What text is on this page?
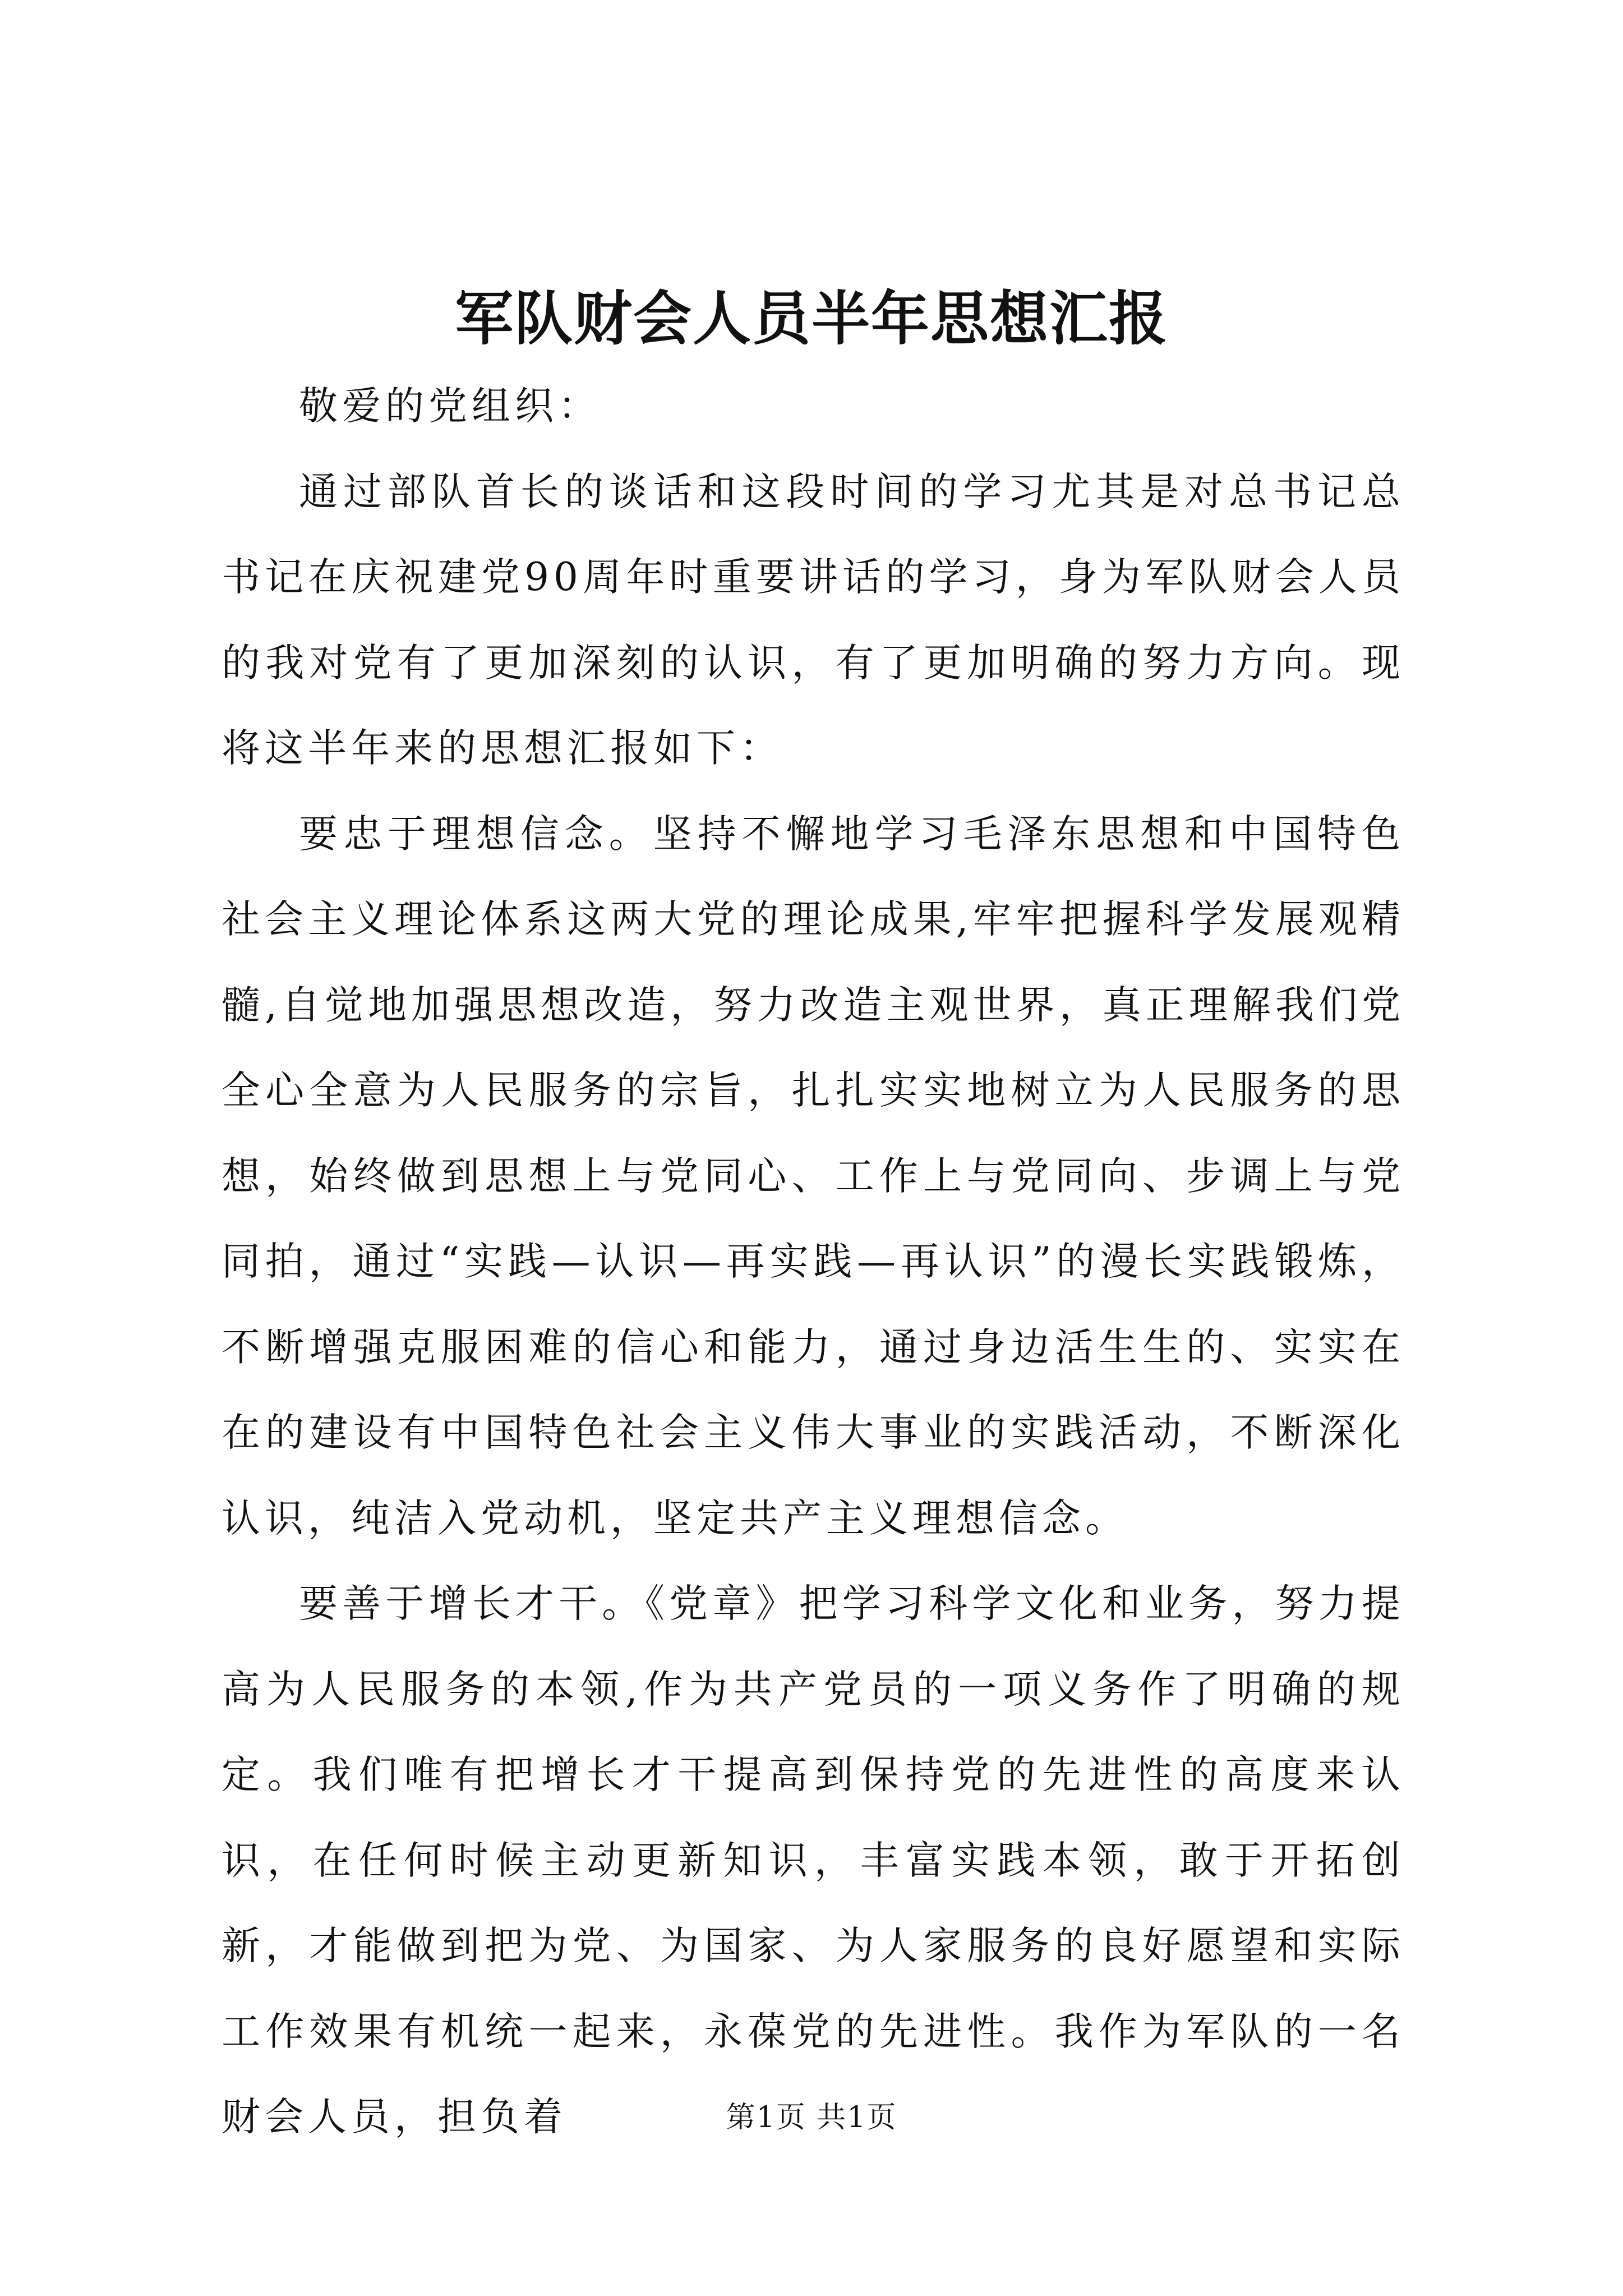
军队财会人员半年思想汇报

敬爱的党组织：

通过部队首长的谈话和这段时间的学习尤其是对总书记总书记在庆祝建党90周年时重要讲话的学习，身为军队财会人员的我对党有了更加深刻的认识，有了更加明确的努力方向。现将这半年来的思想汇报如下：

要忠于理想信念。坚持不懈地学习毛泽东思想和中国特色社会主义理论体系这两大党的理论成果,牢牢把握科学发展观精髓,自觉地加强思想改造，努力改造主观世界，真正理解我们党全心全意为人民服务的宗旨，扎扎实实地树立为人民服务的思想，始终做到思想上与党同心、工作上与党同向、步调上与党同拍，通过“实践—认识—再实践—再认识”的漫长实践锻炼，不断增强克服困难的信心和能力，通过身边活生生的、实实在在的建设有中国特色社会主义伟大事业的实践活动，不断深化认识，纯洁入党动机，坚定共产主义理想信念。

要善于增长才干。《党章》把学习科学文化和业务，努力提高为人民服务的本领,作为共产党员的一项义务作了明确的规定。我们唯有把增长才干提高到保持党的先进性的高度来认识，在任何时候主动更新知识，丰富实践本领，敢于开拓创新，才能做到把为党、为国家、为人家服务的良好愿望和实际工作效果有机统一起来，永葆党的先进性。我作为军队的一名财会人员，担负着	第1页 共1页
